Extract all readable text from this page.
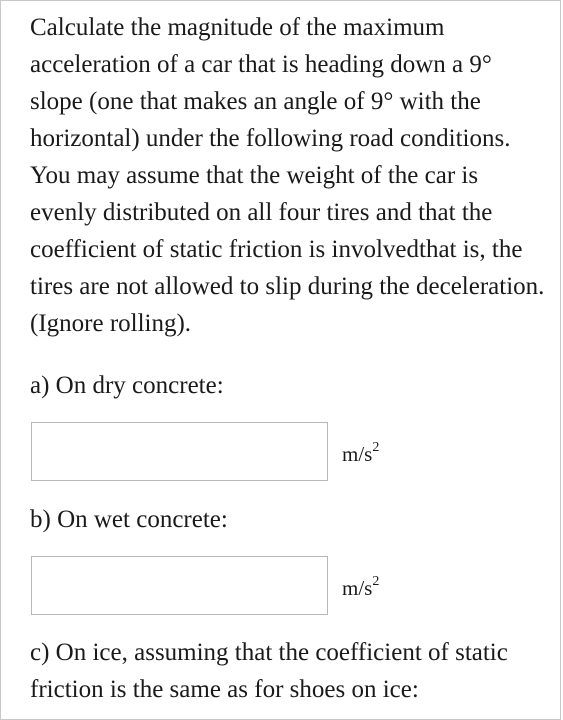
Calculate the magnitude of the maximum acceleration of a car that is heading down a 9° slope (one that makes an angle of 9° with the horizontal) under the following road conditions. You may assume that the weight of the car is evenly distributed on all four tires and that the coefficient of static friction is involvedthat is, the tires are not allowed to slip during the deceleration. (Ignore rolling).

a) On dry concrete:

$m/s^2$

b) On wet concrete:

$m/s^2$

c) On ice, assuming that the coefficient of static friction is the same as for shoes on ice:
